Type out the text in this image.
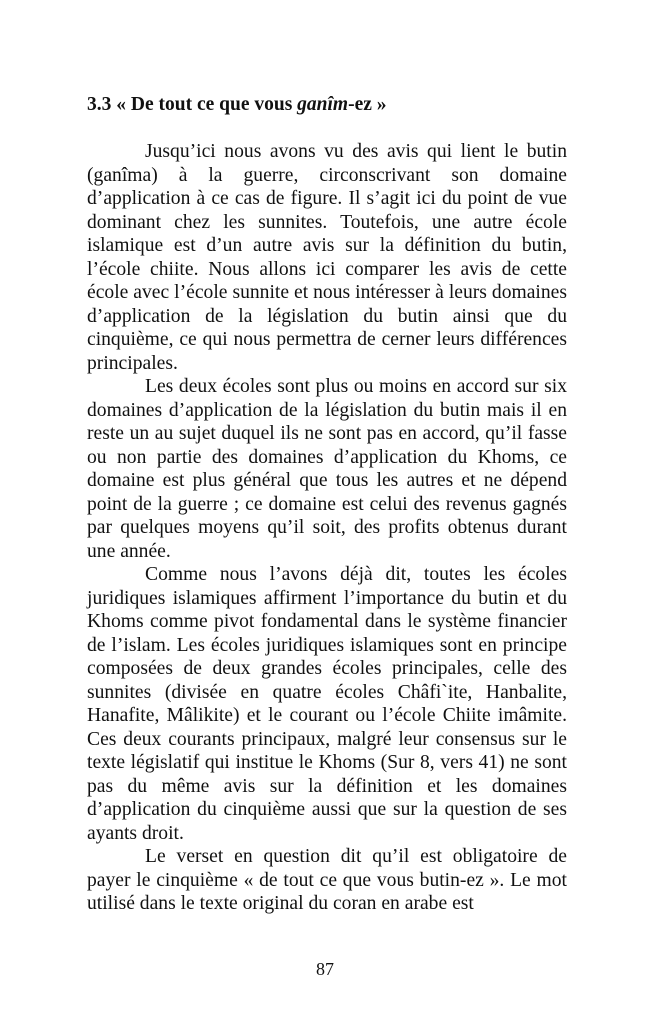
3.3 « De tout ce que vous ganîm-ez »

Jusqu’ici nous avons vu des avis qui lient le butin (ganîma) à la guerre, circonscrivant son domaine d’application à ce cas de figure. Il s’agit ici du point de vue dominant chez les sunnites. Toutefois, une autre école islamique est d’un autre avis sur la définition du butin, l’école chiite. Nous allons ici comparer les avis de cette école avec l’école sunnite et nous intéresser à leurs domaines d’application de la législation du butin ainsi que du cinquième, ce qui nous permettra de cerner leurs différences principales.

Les deux écoles sont plus ou moins en accord sur six domaines d’application de la législation du butin mais il en reste un au sujet duquel ils ne sont pas en accord, qu’il fasse ou non partie des domaines d’application du Khoms, ce domaine est plus général que tous les autres et ne dépend point de la guerre ; ce domaine est celui des revenus gagnés par quelques moyens qu’il soit, des profits obtenus durant une année.

Comme nous l’avons déjà dit, toutes les écoles juridiques islamiques affirment l’importance du butin et du Khoms comme pivot fondamental dans le système financier de l’islam. Les écoles juridiques islamiques sont en principe composées de deux grandes écoles principales, celle des sunnites (divisée en quatre écoles Châfi`ite, Hanbalite, Hanafite, Mâlikite) et le courant ou l’école Chiite imâmite. Ces deux courants principaux, malgré leur consensus sur le texte législatif qui institue le Khoms (Sur 8, vers 41) ne sont pas du même avis sur la définition et les domaines d’application du cinquième aussi que sur la question de ses ayants droit.

Le verset en question dit qu’il est obligatoire de payer le cinquième « de tout ce que vous butin-ez ». Le mot utilisé dans le texte original du coran en arabe est

87
